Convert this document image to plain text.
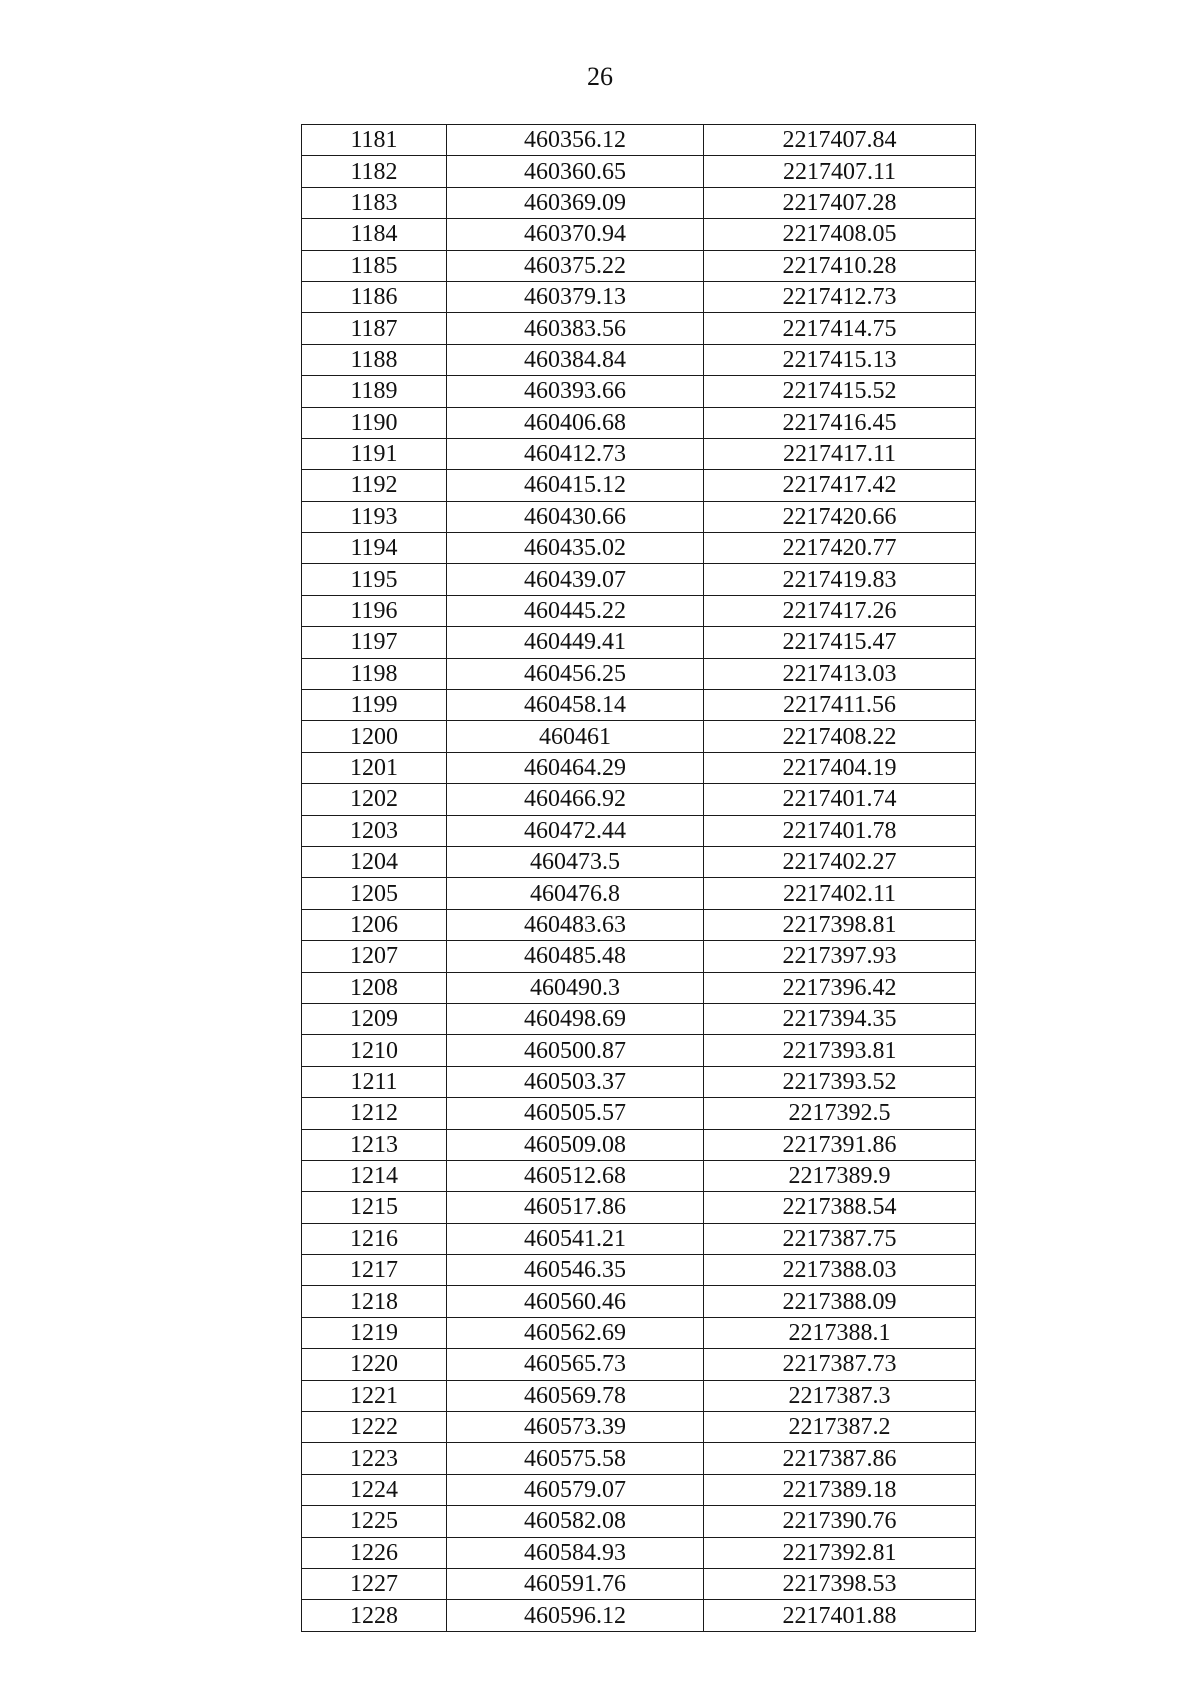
26
1181	460356.12	2217407.84
1182	460360.65	2217407.11
1183	460369.09	2217407.28
1184	460370.94	2217408.05
1185	460375.22	2217410.28
1186	460379.13	2217412.73
1187	460383.56	2217414.75
1188	460384.84	2217415.13
1189	460393.66	2217415.52
1190	460406.68	2217416.45
1191	460412.73	2217417.11
1192	460415.12	2217417.42
1193	460430.66	2217420.66
1194	460435.02	2217420.77
1195	460439.07	2217419.83
1196	460445.22	2217417.26
1197	460449.41	2217415.47
1198	460456.25	2217413.03
1199	460458.14	2217411.56
1200	460461	2217408.22
1201	460464.29	2217404.19
1202	460466.92	2217401.74
1203	460472.44	2217401.78
1204	460473.5	2217402.27
1205	460476.8	2217402.11
1206	460483.63	2217398.81
1207	460485.48	2217397.93
1208	460490.3	2217396.42
1209	460498.69	2217394.35
1210	460500.87	2217393.81
1211	460503.37	2217393.52
1212	460505.57	2217392.5
1213	460509.08	2217391.86
1214	460512.68	2217389.9
1215	460517.86	2217388.54
1216	460541.21	2217387.75
1217	460546.35	2217388.03
1218	460560.46	2217388.09
1219	460562.69	2217388.1
1220	460565.73	2217387.73
1221	460569.78	2217387.3
1222	460573.39	2217387.2
1223	460575.58	2217387.86
1224	460579.07	2217389.18
1225	460582.08	2217390.76
1226	460584.93	2217392.81
1227	460591.76	2217398.53
1228	460596.12	2217401.88
